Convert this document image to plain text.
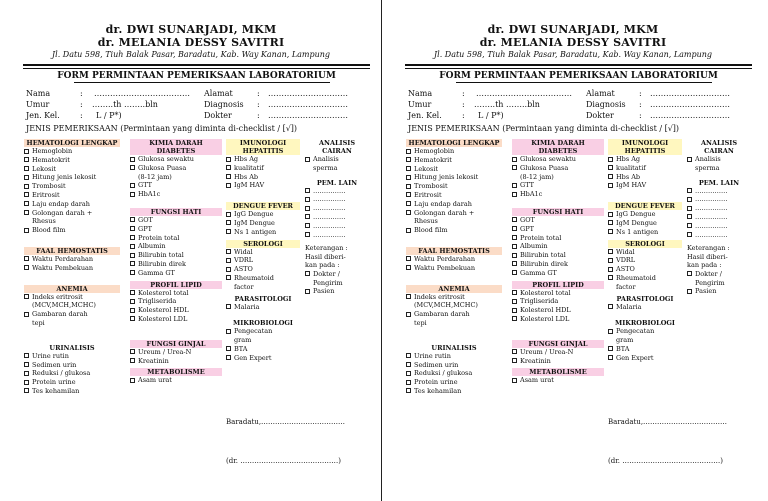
dr. DWI SUNARJADI, MKM
dr. MELANIA DESSY SAVITRI
Jl. Datu 598, Tiuh Balak Pasar, Baradatu, Kab. Way Kanan, Lampung
FORM PERMINTAAN PEMERIKSAAN LABORATORIUM
Nama	: ………………………………
Umur	: ……..th ……..bln
Jen. Kel.	: L / P*)
Alamat	: …………………………
Diagnosis : …………………………
Dokter	: …………………………
JENIS PEMERIKSAAN (Permintaan yang diminta di-checklist / [√])
HEMATOLOGI LENGKAP
Hemoglobin
Hematokrit
Lekosit
Hitung jenis lekosit
Trombosit
Eritrosit
Laju endap darah
Golongan darah +
Rhesus
Blood film
FAAL HEMOSTATIS
Waktu Perdarahan
Waktu Pembekuan
ANEMIA
Indeks eritrosit
(MCV,MCH,MCHC)
Gambaran darah
tepi
URINALISIS
Urine rutin
Sedimen urin
Reduksi / glukosa
Protein urine
Tes kehamilan
KIMIA DARAH DIABETES
Glukosa sewaktu
Glukosa Puasa
(8-12 jam)
GTT
HbA1c
FUNGSI HATI
GOT
GPT
Protein total
Albumin
Bilirubin total
Bilirubin direk
Gamma GT
PROFIL LIPID
Kolesterol total
Trigliserida
Kolesterol HDL
Kolesterol LDL
FUNGSI GINJAL
Ureum / Urea-N
Kreatinin
METABOLISME
Asam urat
IMUNOLOGI HEPATITIS
Hbs Ag
kualitatif
Hbs Ab
IgM HAV
DENGUE FEVER
IgG Dengue
IgM Dengue
Ns 1 antigen
SEROLOGI
Widal
VDRL
ASTO
Rheumatoid
factor
PARASITOLOGI
Malaria
MIKROBIOLOGI
Pengecatan
gram
BTA
Gen Expert
ANALISIS CAIRAN
Analisis
sperma
PEM. LAIN
……………
……………
……………
……………
……………
……………
Keterangan :
Hasil diberi-
kan pada :
Dokter /
Pengirim
Pasien
Baradatu,………………………………
(dr. ……………………………………)
dr. DWI SUNARJADI, MKM
dr. MELANIA DESSY SAVITRI
Jl. Datu 598, Tiuh Balak Pasar, Baradatu, Kab. Way Kanan, Lampung
FORM PERMINTAAN PEMERIKSAAN LABORATORIUM
Nama	: ………………………………
Umur	: ……..th ……..bln
Jen. Kel.	: L / P*)
Alamat	: …………………………
Diagnosis : …………………………
Dokter	: …………………………
JENIS PEMERIKSAAN (Permintaan yang diminta di-checklist / [√])
HEMATOLOGI LENGKAP
Hemoglobin
Hematokrit
Lekosit
Hitung jenis lekosit
Trombosit
Eritrosit
Laju endap darah
Golongan darah +
Rhesus
Blood film
FAAL HEMOSTATIS
Waktu Perdarahan
Waktu Pembekuan
ANEMIA
Indeks eritrosit
(MCV,MCH,MCHC)
Gambaran darah
tepi
URINALISIS
Urine rutin
Sedimen urin
Reduksi / glukosa
Protein urine
Tes kehamilan
KIMIA DARAH DIABETES
Glukosa sewaktu
Glukosa Puasa
(8-12 jam)
GTT
HbA1c
FUNGSI HATI
GOT
GPT
Protein total
Albumin
Bilirubin total
Bilirubin direk
Gamma GT
PROFIL LIPID
Kolesterol total
Trigliserida
Kolesterol HDL
Kolesterol LDL
FUNGSI GINJAL
Ureum / Urea-N
Kreatinin
METABOLISME
Asam urat
IMUNOLOGI HEPATITIS
Hbs Ag
kualitatif
Hbs Ab
IgM HAV
DENGUE FEVER
IgG Dengue
IgM Dengue
Ns 1 antigen
SEROLOGI
Widal
VDRL
ASTO
Rheumatoid
factor
PARASITOLOGI
Malaria
MIKROBIOLOGI
Pengecatan
gram
BTA
Gen Expert
ANALISIS CAIRAN
Analisis
sperma
PEM. LAIN
……………
……………
……………
……………
……………
……………
Keterangan :
Hasil diberi-
kan pada :
Dokter /
Pengirim
Pasien
Baradatu,………………………………
(dr. ……………………………………)
